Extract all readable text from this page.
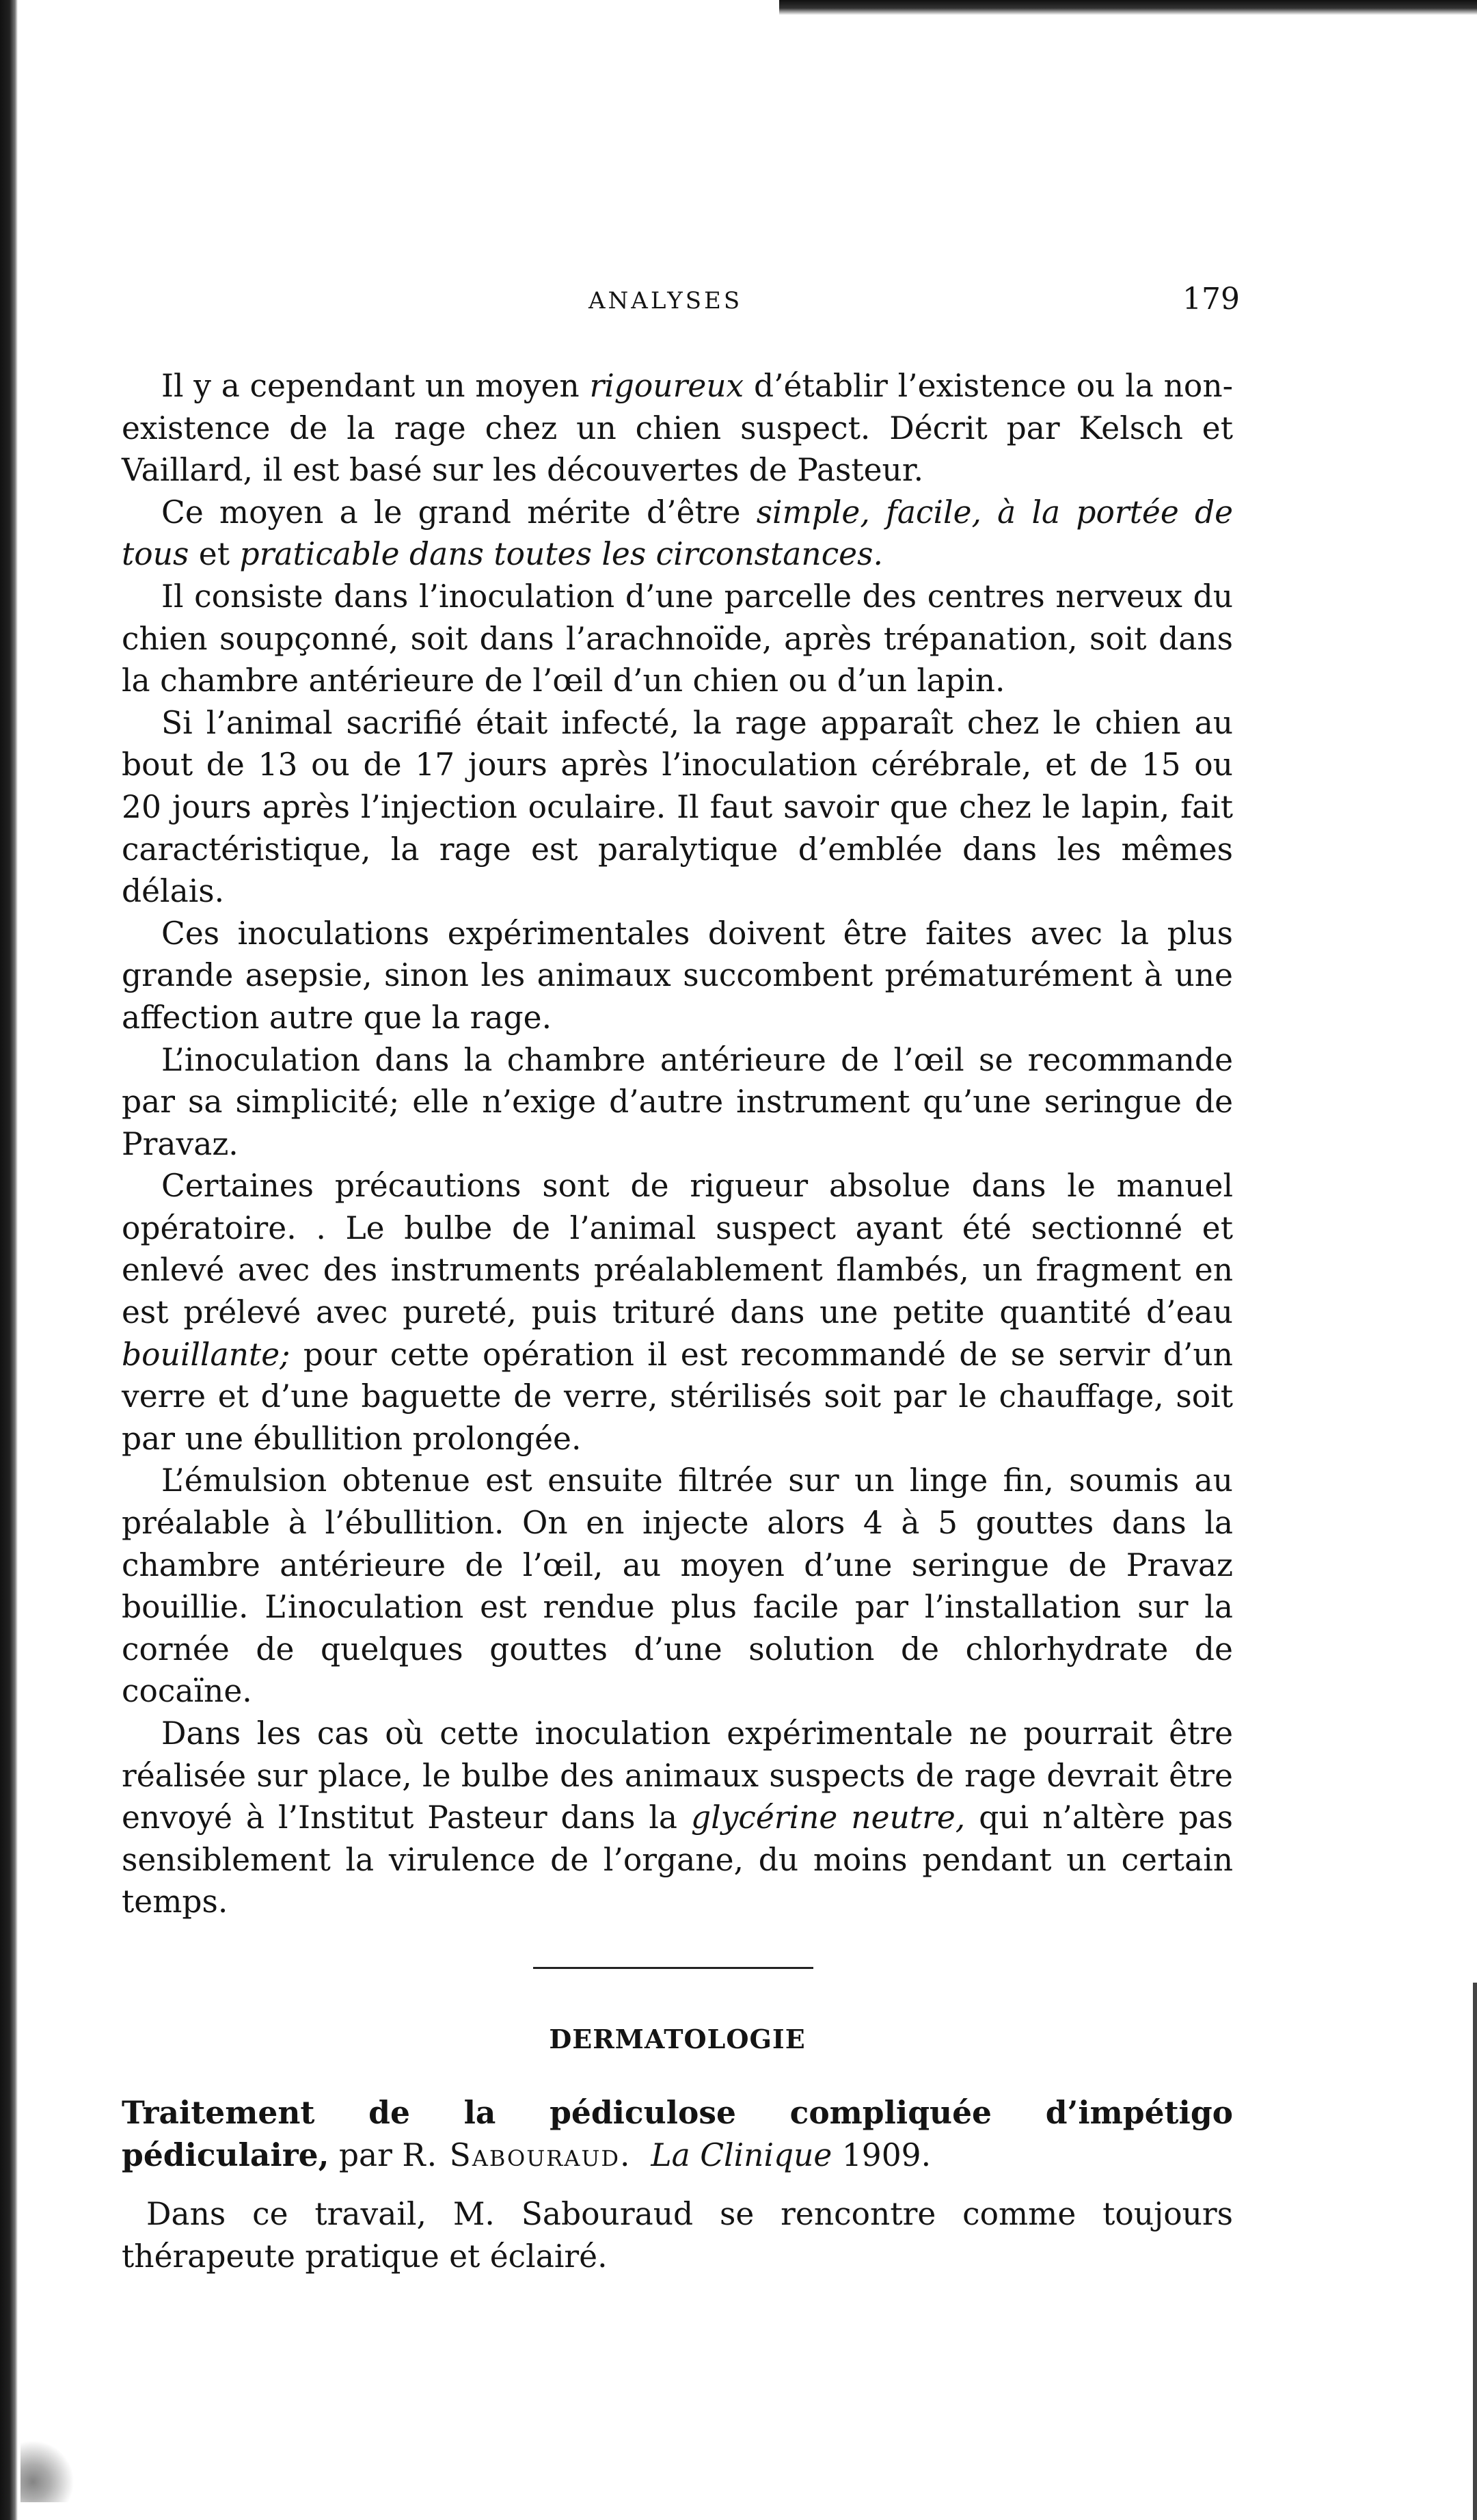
ANALYSES	179

Il y a cependant un moyen rigoureux d’établir l’existence ou la non-existence de la rage chez un chien suspect. Décrit par Kelsch et Vaillard, il est basé sur les découvertes de Pasteur.

Ce moyen a le grand mérite d’être simple, facile, à la portée de tous et praticable dans toutes les circonstances.

Il consiste dans l’inoculation d’une parcelle des centres nerveux du chien soupçonné, soit dans l’arachnoïde, après trépanation, soit dans la chambre antérieure de l’œil d’un chien ou d’un lapin.

Si l’animal sacrifié était infecté, la rage apparaît chez le chien au bout de 13 ou de 17 jours après l’inoculation cérébrale, et de 15 ou 20 jours après l’injection oculaire. Il faut savoir que chez le lapin, fait caractéristique, la rage est paralytique d’emblée dans les mêmes délais.

Ces inoculations expérimentales doivent être faites avec la plus grande asepsie, sinon les animaux succombent prématurément à une affection autre que la rage.

L’inoculation dans la chambre antérieure de l’œil se recommande par sa simplicité; elle n’exige d’autre instrument qu’une seringue de Pravaz.

Certaines précautions sont de rigueur absolue dans le manuel opératoire. . Le bulbe de l’animal suspect ayant été sectionné et enlevé avec des instruments préalablement flambés, un fragment en est prélevé avec pureté, puis trituré dans une petite quantité d’eau bouillante; pour cette opération il est recommandé de se servir d’un verre et d’une baguette de verre, stérilisés soit par le chauffage, soit par une ébullition prolongée.

L’émulsion obtenue est ensuite filtrée sur un linge fin, soumis au préalable à l’ébullition. On en injecte alors 4 à 5 gouttes dans la chambre antérieure de l’œil, au moyen d’une seringue de Pravaz bouillie. L’inoculation est rendue plus facile par l’installation sur la cornée de quelques gouttes d’une solution de chlorhydrate de cocaïne.

Dans les cas où cette inoculation expérimentale ne pourrait être réalisée sur place, le bulbe des animaux suspects de rage devrait être envoyé à l’Institut Pasteur dans la glycérine neutre, qui n’altère pas sensiblement la virulence de l’organe, du moins pendant un certain temps.

DERMATOLOGIE

Traitement de la pédiculose compliquée d’impétigo pédiculaire, par R. Sabouraud. La Clinique 1909.

Dans ce travail, M. Sabouraud se rencontre comme toujours thérapeute pratique et éclairé.
